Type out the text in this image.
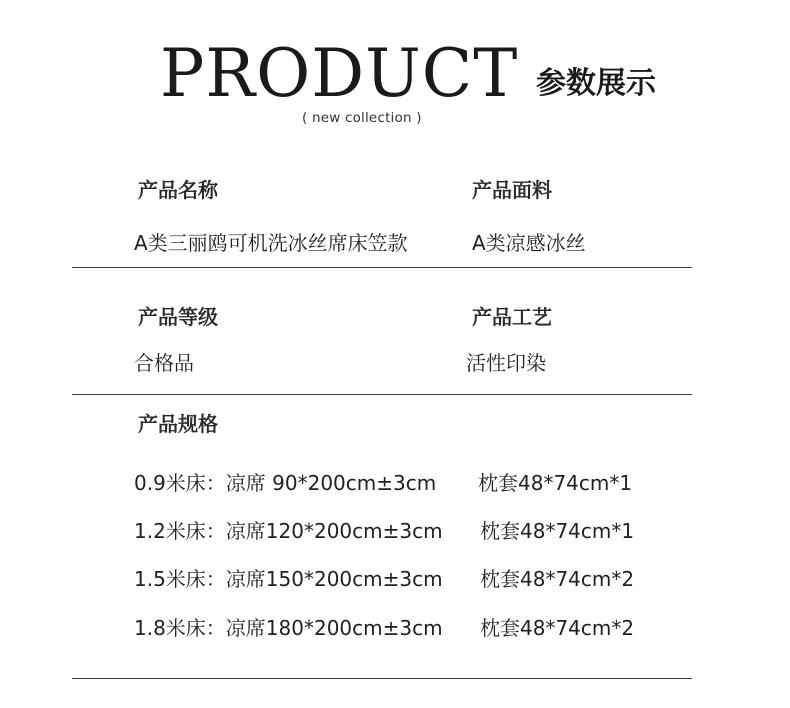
PRODUCT 参数展示
( new collection )
产品名称	产品面料
A类三丽鸥可机洗冰丝席床笠款	A类凉感冰丝
产品等级	产品工艺
合格品	活性印染
产品规格
0.9米床：凉席 90*200cm±3cm 枕套48*74cm*1
1.2米床：凉席120*200cm±3cm 枕套48*74cm*1
1.5米床：凉席150*200cm±3cm 枕套48*74cm*2
1.8米床：凉席180*200cm±3cm 枕套48*74cm*2
